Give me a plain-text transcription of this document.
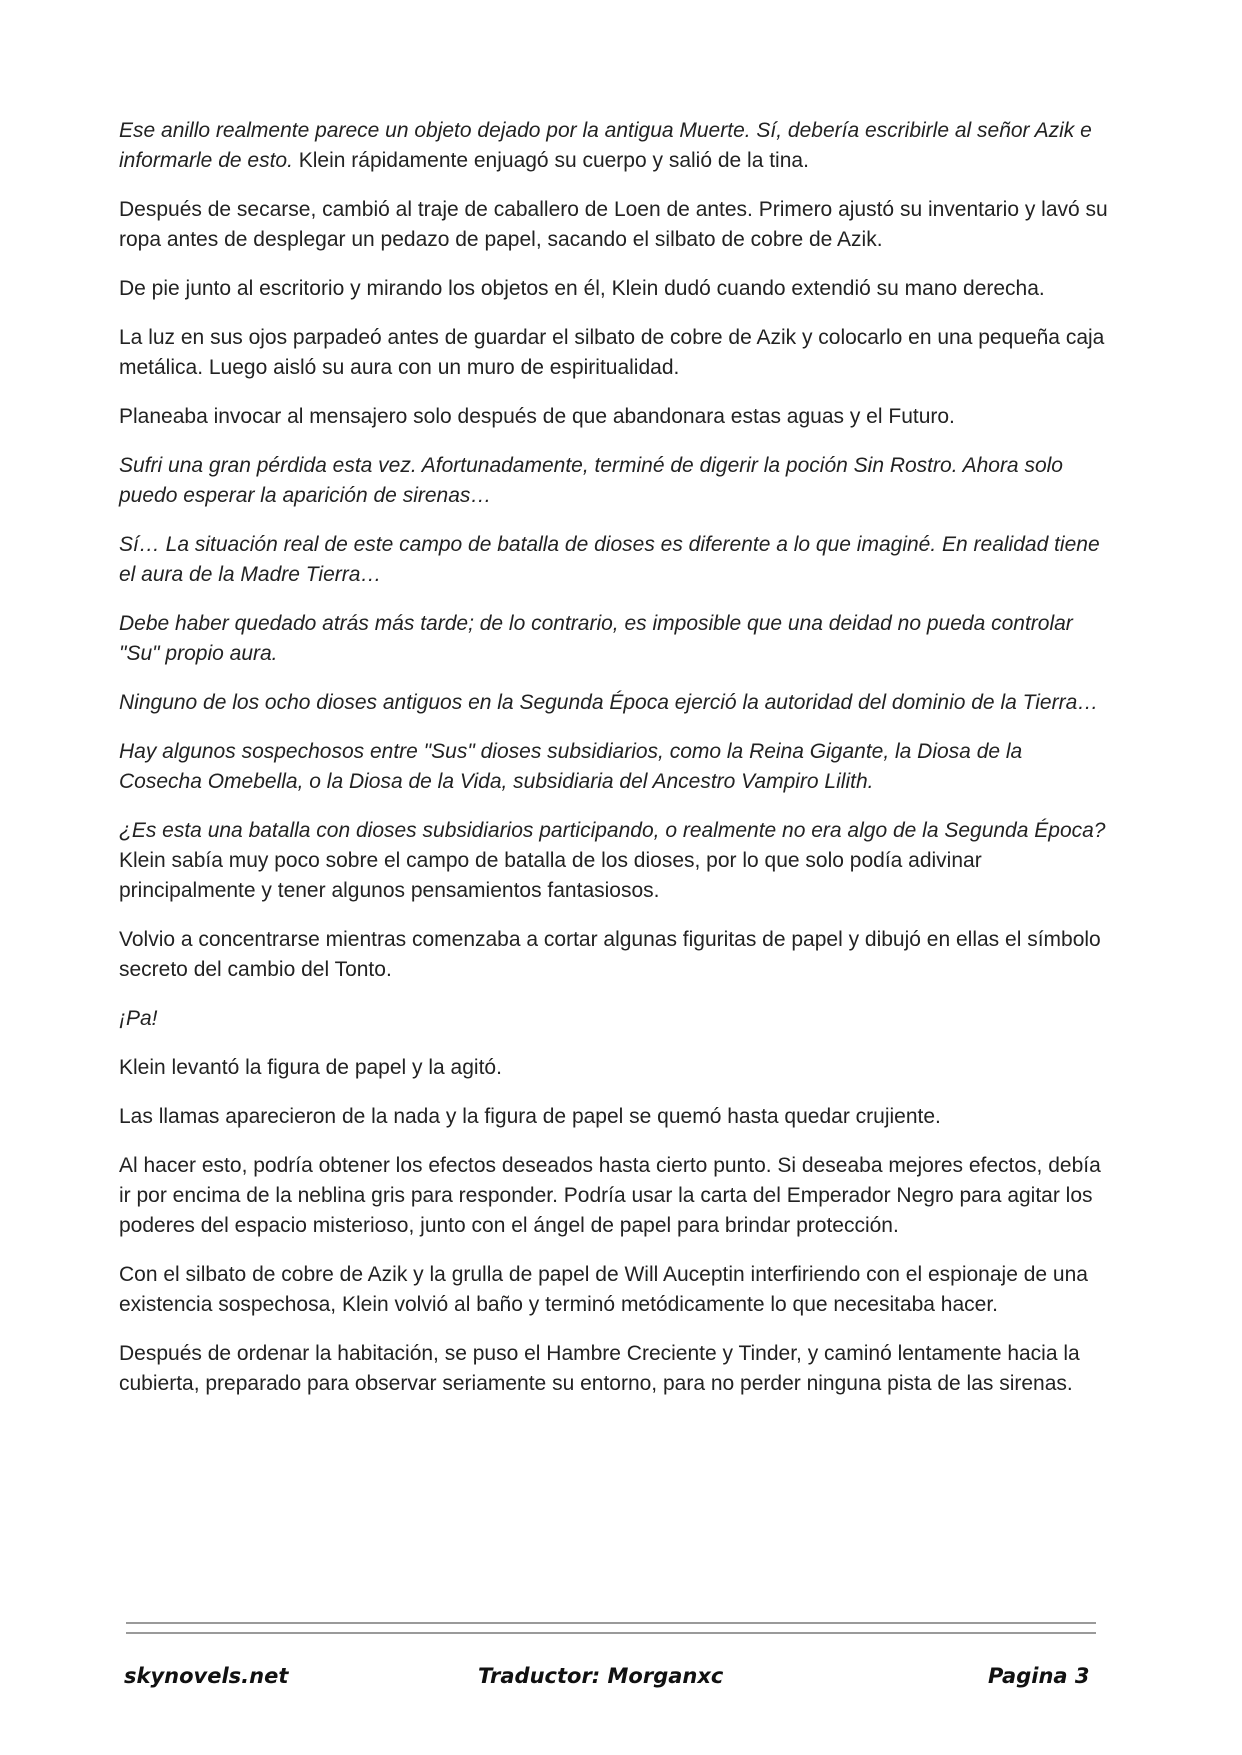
Ese anillo realmente parece un objeto dejado por la antigua Muerte. Sí, debería escribirle al señor Azik e informarle de esto. Klein rápidamente enjuagó su cuerpo y salió de la tina.

Después de secarse, cambió al traje de caballero de Loen de antes. Primero ajustó su inventario y lavó su ropa antes de desplegar un pedazo de papel, sacando el silbato de cobre de Azik.

De pie junto al escritorio y mirando los objetos en él, Klein dudó cuando extendió su mano derecha.

La luz en sus ojos parpadeó antes de guardar el silbato de cobre de Azik y colocarlo en una pequeña caja metálica. Luego aisló su aura con un muro de espiritualidad.

Planeaba invocar al mensajero solo después de que abandonara estas aguas y el Futuro.

Sufri una gran pérdida esta vez. Afortunadamente, terminé de digerir la poción Sin Rostro. Ahora solo puedo esperar la aparición de sirenas…

Sí… La situación real de este campo de batalla de dioses es diferente a lo que imaginé. En realidad tiene el aura de la Madre Tierra…

Debe haber quedado atrás más tarde; de lo contrario, es imposible que una deidad no pueda controlar "Su" propio aura.

Ninguno de los ocho dioses antiguos en la Segunda Época ejerció la autoridad del dominio de la Tierra…

Hay algunos sospechosos entre "Sus" dioses subsidiarios, como la Reina Gigante, la Diosa de la Cosecha Omebella, o la Diosa de la Vida, subsidiaria del Ancestro Vampiro Lilith.

¿Es esta una batalla con dioses subsidiarios participando, o realmente no era algo de la Segunda Época? Klein sabía muy poco sobre el campo de batalla de los dioses, por lo que solo podía adivinar principalmente y tener algunos pensamientos fantasiosos.

Volvio a concentrarse mientras comenzaba a cortar algunas figuritas de papel y dibujó en ellas el símbolo secreto del cambio del Tonto.

¡Pa!

Klein levantó la figura de papel y la agitó.

Las llamas aparecieron de la nada y la figura de papel se quemó hasta quedar crujiente.

Al hacer esto, podría obtener los efectos deseados hasta cierto punto. Si deseaba mejores efectos, debía ir por encima de la neblina gris para responder. Podría usar la carta del Emperador Negro para agitar los poderes del espacio misterioso, junto con el ángel de papel para brindar protección.

Con el silbato de cobre de Azik y la grulla de papel de Will Auceptin interfiriendo con el espionaje de una existencia sospechosa, Klein volvió al baño y terminó metódicamente lo que necesitaba hacer.

Después de ordenar la habitación, se puso el Hambre Creciente y Tinder, y caminó lentamente hacia la cubierta, preparado para observar seriamente su entorno, para no perder ninguna pista de las sirenas.

skynovels.net	Traductor: Morganxc	Pagina 3
